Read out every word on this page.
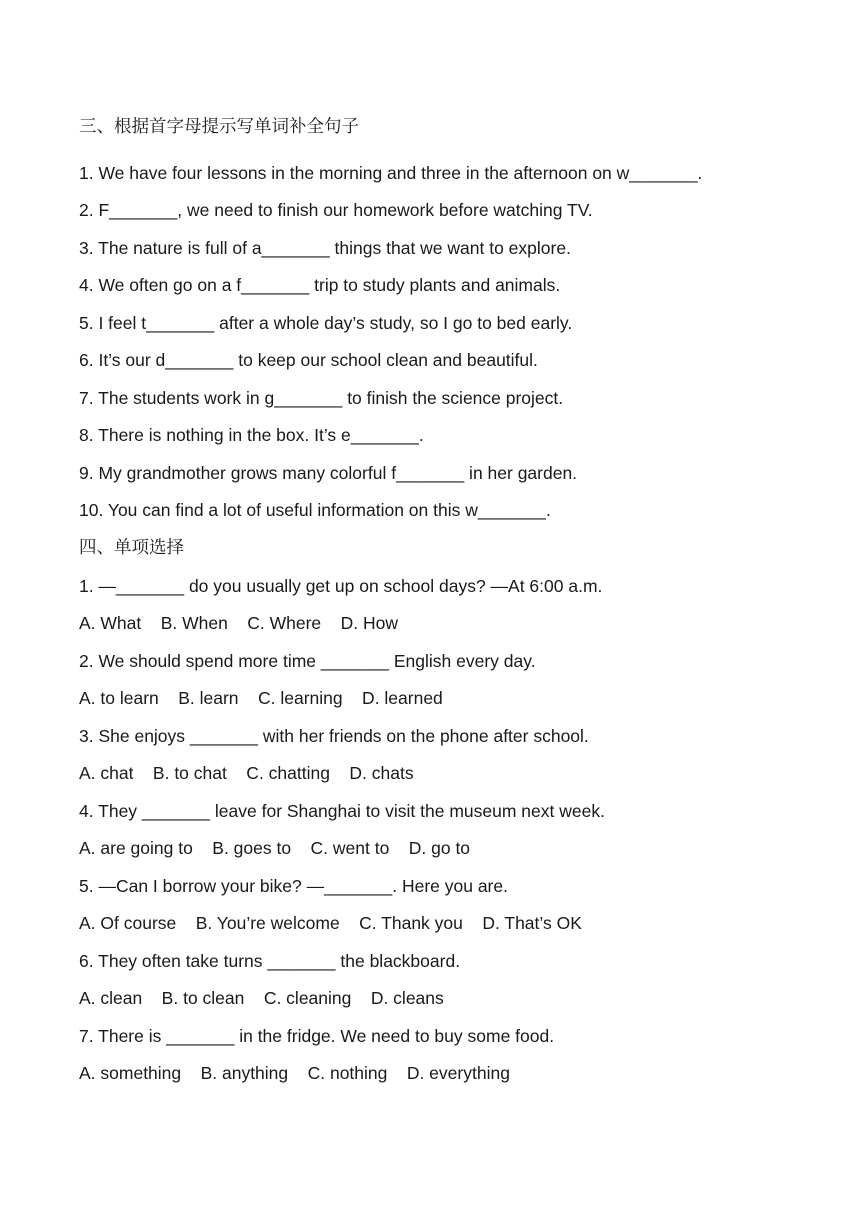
三、根据首字母提示写单词补全句子
1. We have four lessons in the morning and three in the afternoon on w_______.
2. F_______, we need to finish our homework before watching TV.
3. The nature is full of a_______ things that we want to explore.
4. We often go on a f_______ trip to study plants and animals.
5. I feel t_______ after a whole day’s study, so I go to bed early.
6. It’s our d_______ to keep our school clean and beautiful.
7. The students work in g_______ to finish the science project.
8. There is nothing in the box. It’s e_______.
9. My grandmother grows many colorful f_______ in her garden.
10. You can find a lot of useful information on this w_______.
四、单项选择
1. —_______ do you usually get up on school days? —At 6:00 a.m.
A. What    B. When    C. Where    D. How
2. We should spend more time _______ English every day.
A. to learn    B. learn    C. learning    D. learned
3. She enjoys _______ with her friends on the phone after school.
A. chat    B. to chat    C. chatting    D. chats
4. They _______ leave for Shanghai to visit the museum next week.
A. are going to    B. goes to    C. went to    D. go to
5. —Can I borrow your bike? —_______. Here you are.
A. Of course    B. You’re welcome    C. Thank you    D. That’s OK
6. They often take turns _______ the blackboard.
A. clean    B. to clean    C. cleaning    D. cleans
7. There is _______ in the fridge. We need to buy some food.
A. something    B. anything    C. nothing    D. everything
